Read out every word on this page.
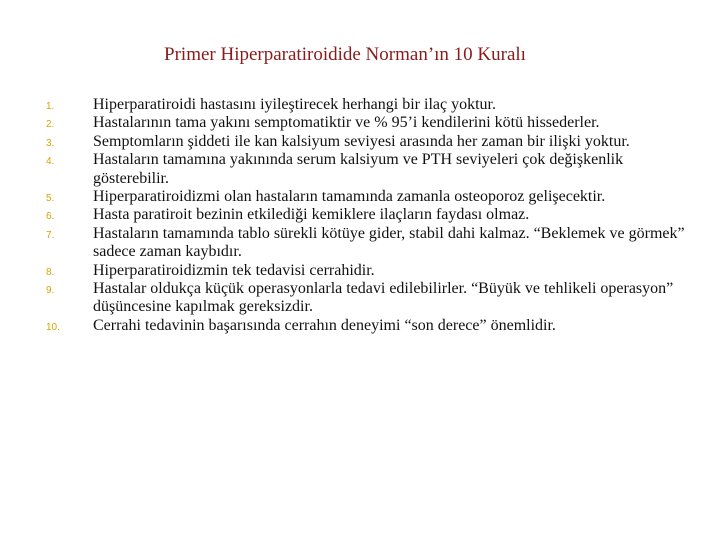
Primer Hiperparatiroidide Norman’ın 10 Kuralı
1. Hiperparatiroidi hastasını iyileştirecek herhangi bir ilaç yoktur.
2. Hastalarının tama yakını semptomatiktir ve % 95’i kendilerini kötü hissederler.
3. Semptomların şiddeti ile kan kalsiyum seviyesi arasında her zaman bir ilişki yoktur.
4. Hastaların tamamına yakınında serum kalsiyum ve PTH seviyeleri çok değişkenlik gösterebilir.
5. Hiperparatiroidizmi olan hastaların tamamında zamanla osteoporoz gelişecektir.
6. Hasta paratiroit bezinin etkilediği kemiklere ilaçların faydası olmaz.
7. Hastaların tamamında tablo sürekli kötüye gider, stabil dahi kalmaz. “Beklemek ve görmek” sadece zaman kaybıdır.
8. Hiperparatiroidizmin tek tedavisi cerrahidir.
9. Hastalar oldukça küçük operasyonlarla tedavi edilebilirler. “Büyük ve tehlikeli operasyon” düşüncesine kapılmak gereksizdir.
10. Cerrahi tedavinin başarısında cerrahın deneyimi “son derece” önemlidir.
